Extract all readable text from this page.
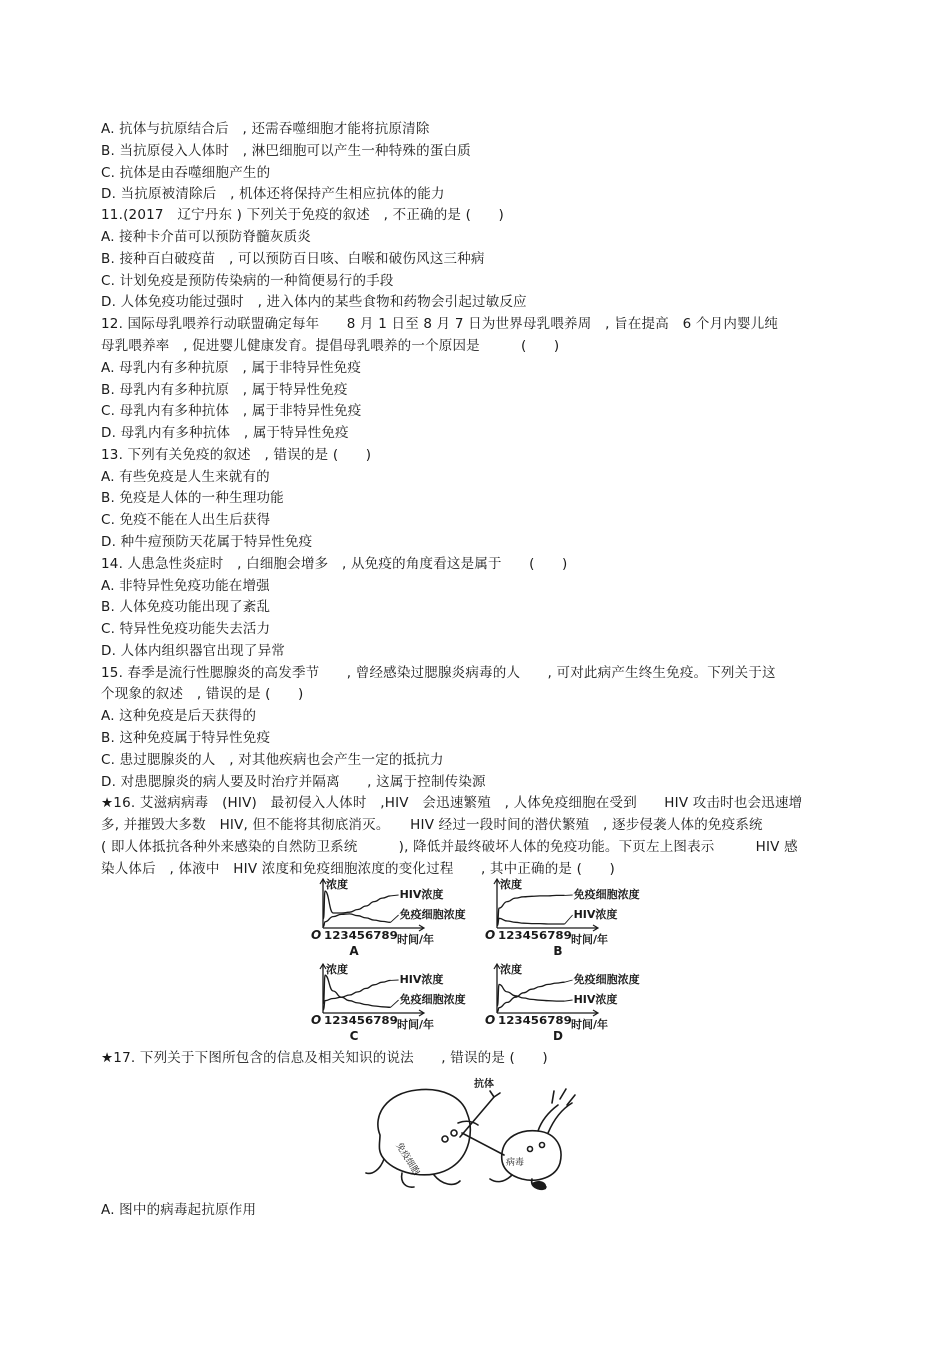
A. 抗体与抗原结合后　, 还需吞噬细胞才能将抗原清除
B. 当抗原侵入人体时　, 淋巴细胞可以产生一种特殊的蛋白质
C. 抗体是由吞噬细胞产生的
D. 当抗原被清除后　, 机体还将保持产生相应抗体的能力
11.(2017　辽宁丹东 ) 下列关于免疫的叙述　, 不正确的是 (　　)
A. 接种卡介苗可以预防脊髓灰质炎
B. 接种百白破疫苗　, 可以预防百日咳、白喉和破伤风这三种病
C. 计划免疫是预防传染病的一种简便易行的手段
D. 人体免疫功能过强时　, 进入体内的某些食物和药物会引起过敏反应
12. 国际母乳喂养行动联盟确定每年　　8 月 1 日至 8 月 7 日为世界母乳喂养周　, 旨在提高　6 个月内婴儿纯
母乳喂养率　, 促进婴儿健康发育。提倡母乳喂养的一个原因是　　　(　　)
A. 母乳内有多种抗原　, 属于非特异性免疫
B. 母乳内有多种抗原　, 属于特异性免疫
C. 母乳内有多种抗体　, 属于非特异性免疫
D. 母乳内有多种抗体　, 属于特异性免疫
13. 下列有关免疫的叙述　, 错误的是 (　　)
A. 有些免疫是人生来就有的
B. 免疫是人体的一种生理功能
C. 免疫不能在人出生后获得
D. 种牛痘预防天花属于特异性免疫
14. 人患急性炎症时　, 白细胞会增多　, 从免疫的角度看这是属于　　(　　)
A. 非特异性免疫功能在增强
B. 人体免疫功能出现了紊乱
C. 特异性免疫功能失去活力
D. 人体内组织器官出现了异常
15. 春季是流行性腮腺炎的高发季节　　, 曾经感染过腮腺炎病毒的人　　, 可对此病产生终生免疫。下列关于这
个现象的叙述　, 错误的是 (　　)
A. 这种免疫是后天获得的
B. 这种免疫属于特异性免疫
C. 患过腮腺炎的人　, 对其他疾病也会产生一定的抵抗力
D. 对患腮腺炎的病人要及时治疗并隔离　　, 这属于控制传染源
★16. 艾滋病病毒　(HIV)　最初侵入人体时　,HIV　会迅速繁殖　, 人体免疫细胞在受到　　HIV 攻击时也会迅速增
多, 并摧毁大多数　HIV, 但不能将其彻底消灭。　　HIV 经过一段时间的潜伏繁殖　, 逐步侵袭人体的免疫系统
( 即人体抵抗各种外来感染的自然防卫系统　　　), 降低并最终破坏人体的免疫功能。下页左上图表示　　　HIV 感
染人体后　, 体液中　HIV 浓度和免疫细胞浓度的变化过程　　, 其中正确的是 (　　)
浓度
O 123456789 时间/年
HIV浓度
免疫细胞浓度
A
浓度
O 123456789 时间/年
免疫细胞浓度
HIV浓度
B
浓度
O 123456789 时间/年
HIV浓度
免疫细胞浓度
C
浓度
O 123456789 时间/年
HIV浓度
免疫细胞浓度
D
★17. 下列关于下图所包含的信息及相关知识的说法　　, 错误的是 (　　)
抗体
免疫细胞	病毒
A. 图中的病毒起抗原作用
